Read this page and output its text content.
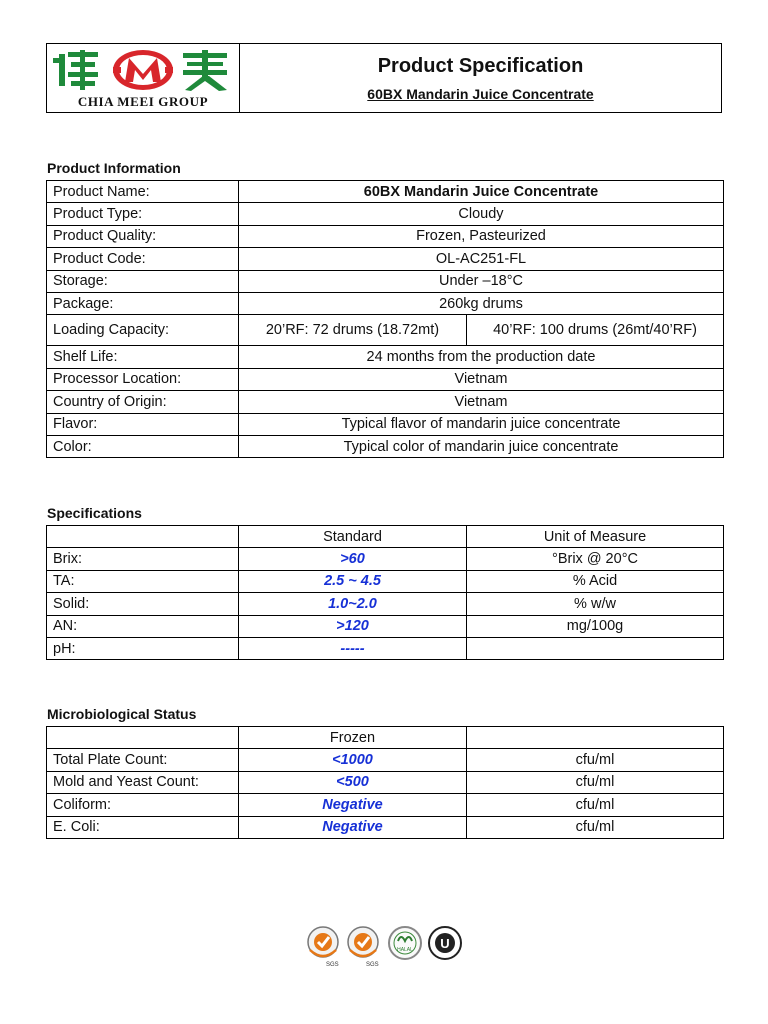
CHIA MEEI GROUP
Product Specification
60BX Mandarin Juice Concentrate
Product Information
Product Name:	60BX Mandarin Juice Concentrate	
Product Type:	Cloudy	
Product Quality:	Frozen, Pasteurized	
Product Code:	OL-AC251-FL	
Storage:	Under –18°C	
Package:	260kg drums	
Loading Capacity:	20’RF: 72 drums (18.72mt)	40’RF: 100 drums (26mt/40’RF)
Shelf Life:	24 months from the production date	
Processor Location:	Vietnam	
Country of Origin:	Vietnam	
Flavor:	Typical flavor of mandarin juice concentrate	
Color:	Typical color of mandarin juice concentrate	
Specifications
	Standard	Unit of Measure
Brix:	>60	°Brix @ 20°C
TA:	2.5 ~ 4.5	% Acid
Solid:	1.0~2.0	% w/w
AN:	>120	mg/100g
pH:	-----	
Microbiological Status
	Frozen	
Total Plate Count:	<1000	cfu/ml
Mold and Yeast Count:	<500	cfu/ml
Coliform:	Negative	cfu/ml
E. Coli:	Negative	cfu/ml
SGS	SGS
HALAL U
